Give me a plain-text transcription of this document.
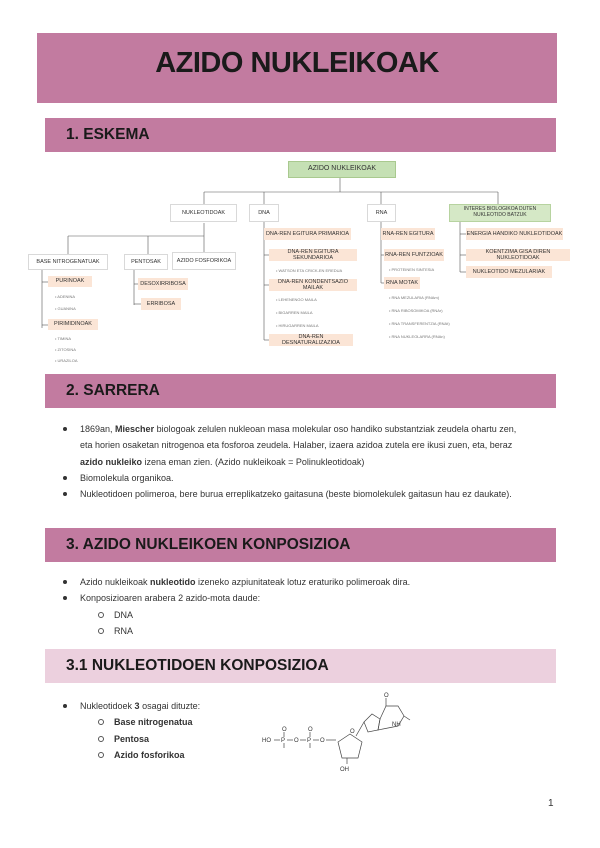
AZIDO NUKLEIKOAK
1. ESKEMA
AZIDO NUKLEIKOAK
NUKLEOTIDOAK	DNA	RNA
INTERES BIOLOGIKOA DUTEN NUKLEOTIDO BATZUK
BASE NITROGENATUAK	PENTOSAK	AZIDO FOSFORIKOA
PURINOAK
• ADENINA
• GUANINA
PIRIMIDINOAK
• TIMINA
• ZITOSINA
• URAZILOA
DESOXIRRIBOSA
ERRIBOSA
DNA-REN EGITURA PRIMARIOA
DNA-REN EGITURA SEKUNDARIOA
• WATSON ETA CRICK-EN EREDUA
DNA-REN KONDENTSAZIO MAILAK
• LEHENENGO MAILA
• BIGARREN MAILA
• HIRUGARREN MAILA
DNA-REN DESNATURALIZAZIOA
RNA-REN EGITURA
RNA-REN FUNTZIOAK
• PROTEINEN SINTESIA
RNA MOTAK
• RNA MEZULARIA (RNAm)
• RNA RIBOSOMIKOA (RNAr)
• RNA TRANSFERENTZIA (RNAt)
• RNA NUKLEOLARRA (RNAn)
ENERGIA HANDIKO NUKLEOTIDOAK
KOENTZIMA GISA DIREN NUKLEOTIDOAK
NUKLEOTIDO MEZULARIAK
2. SARRERA
1869an, Miescher biologoak zelulen nukleoan masa molekular oso handiko substantziak zeudela ohartu zen, eta horien osaketan nitrogenoa eta fosforoa zeudela. Halaber, izaera azidoa zutela ere ikusi zuen, eta, beraz azido nukleiko izena eman zien. (Azido nukleikoak = Polinukleotidoak)
Biomolekula organikoa.
Nukleotidoen polimeroa, bere burua erreplikatzeko gaitasuna (beste biomolekulek gaitasun hau ez daukate).
3. AZIDO NUKLEIKOEN KONPOSIZIOA
Azido nukleikoak nukleotido izeneko azpiunitateak lotuz eraturiko polimeroak dira.
Konposizioaren arabera 2 azido-mota daude:
DNA
RNA
3.1 NUKLEOTIDOEN KONPOSIZIOA
Nukleotidoek 3 osagai dituzte:
Base nitrogenatua
Pentosa
Azido fosforikoa
HO P
O
O P
O
O
O
O
OH
NH
1
